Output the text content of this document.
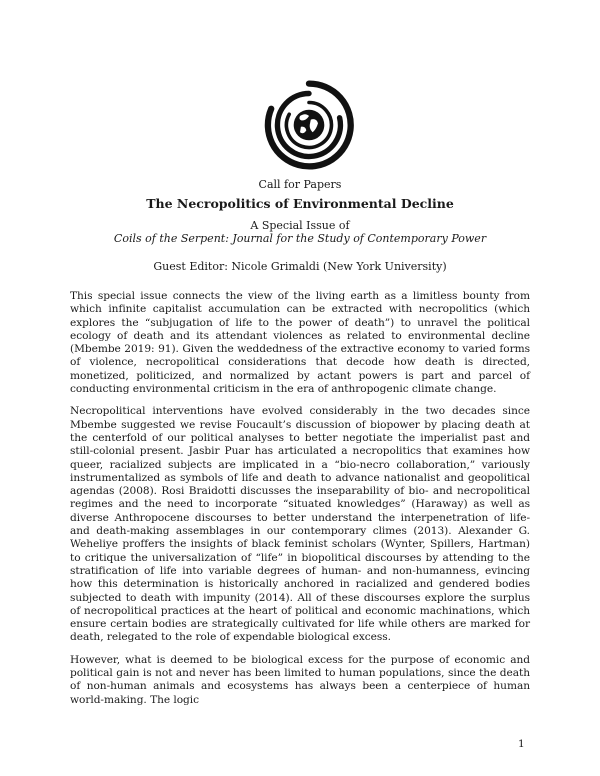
Call for Papers
The Necropolitics of Environmental Decline
A Special Issue of
Coils of the Serpent: Journal for the Study of Contemporary Power
Guest Editor: Nicole Grimaldi (New York University)

This special issue connects the view of the living earth as a limitless bounty from which infinite capitalist accumulation can be extracted with necropolitics (which explores the “subjugation of life to the power of death”) to unravel the political ecology of death and its attendant violences as related to environmental decline (Mbembe 2019: 91). Given the weddedness of the extractive economy to varied forms of violence, necropolitical considerations that decode how death is directed, monetized, politicized, and normalized by actant powers is part and parcel of conducting environmental criticism in the era of anthropogenic climate change.

Necropolitical interventions have evolved considerably in the two decades since Mbembe suggested we revise Foucault’s discussion of biopower by placing death at the centerfold of our political analyses to better negotiate the imperialist past and still-colonial present. Jasbir Puar has articulated a necropolitics that examines how queer, racialized subjects are implicated in a “bio-necro collaboration,” variously instrumentalized as symbols of life and death to advance nationalist and geopolitical agendas (2008). Rosi Braidotti discusses the inseparability of bio- and necropolitical regimes and the need to incorporate “situated knowledges” (Haraway) as well as diverse Anthropocene discourses to better understand the interpenetration of life- and death-making assemblages in our contemporary climes (2013). Alexander G. Weheliye proffers the insights of black feminist scholars (Wynter, Spillers, Hartman) to critique the universalization of “life” in biopolitical discourses by attending to the stratification of life into variable degrees of human- and non-humanness, evincing how this determination is historically anchored in racialized and gendered bodies subjected to death with impunity (2014). All of these discourses explore the surplus of necropolitical practices at the heart of political and economic machinations, which ensure certain bodies are strategically cultivated for life while others are marked for death, relegated to the role of expendable biological excess.

However, what is deemed to be biological excess for the purpose of economic and political gain is not and never has been limited to human populations, since the death of non-human animals and ecosystems has always been a centerpiece of human world-making. The logic

1
